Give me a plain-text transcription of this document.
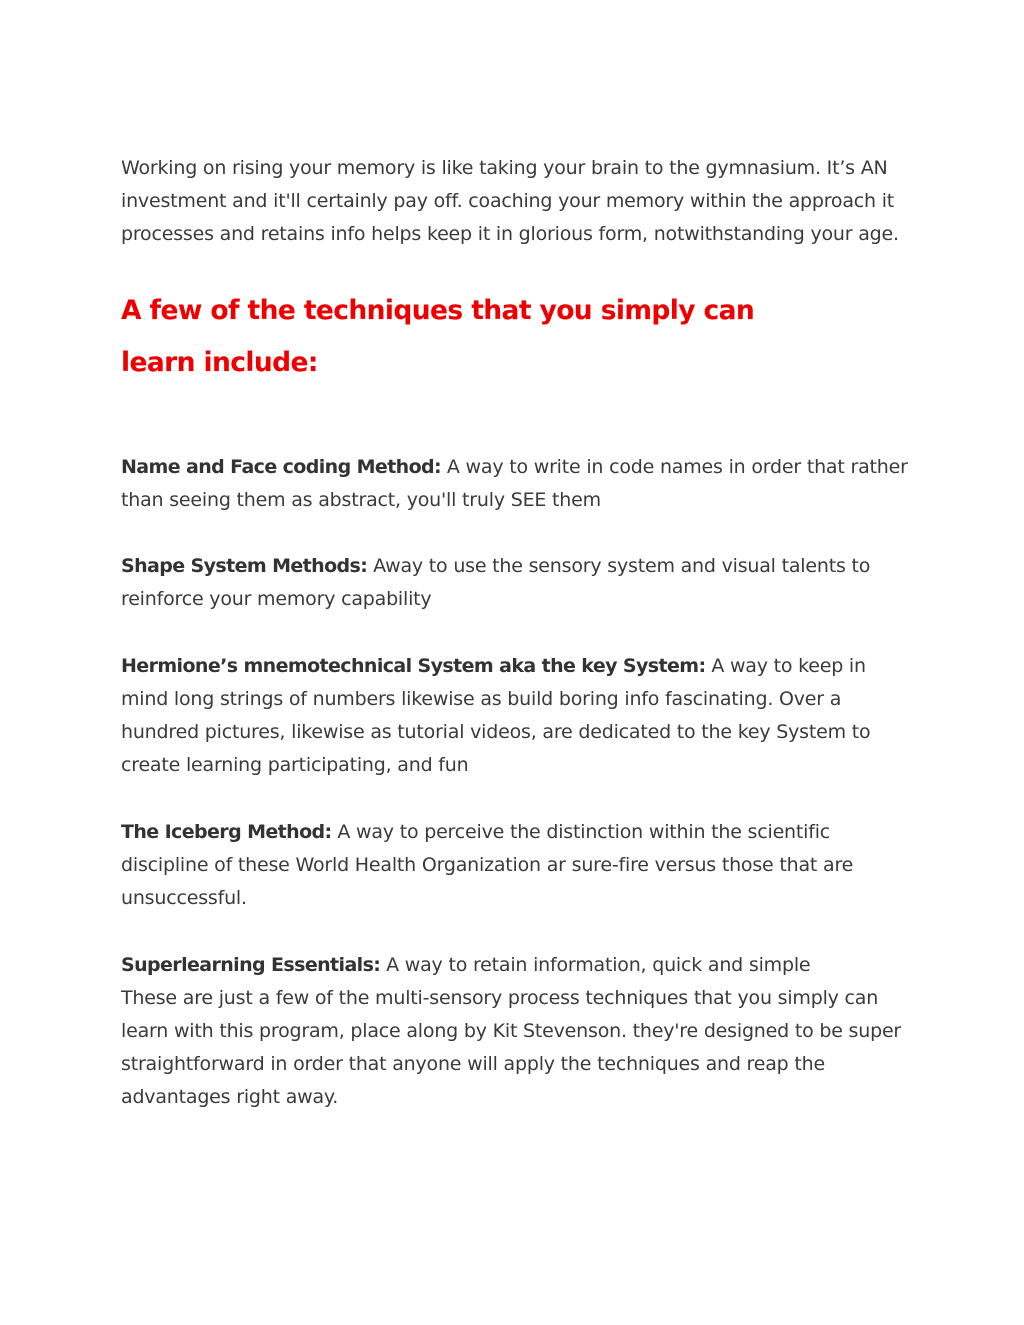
Working on rising your memory is like taking your brain to the gymnasium. It’s AN investment and it'll certainly pay off. coaching your memory within the approach it processes and retains info helps keep it in glorious form, notwithstanding your age.

A few of the techniques that you simply can learn include:

Name and Face coding Method: A way to write in code names in order that rather than seeing them as abstract, you'll truly SEE them

Shape System Methods: Away to use the sensory system and visual talents to reinforce your memory capability

Hermione’s mnemotechnical System aka the key System: A way to keep in mind long strings of numbers likewise as build boring info fascinating. Over a hundred pictures, likewise as tutorial videos, are dedicated to the key System to create learning participating, and fun

The Iceberg Method: A way to perceive the distinction within the scientific discipline of these World Health Organization ar sure-fire versus those that are unsuccessful.

Superlearning Essentials: A way to retain information, quick and simple

These are just a few of the multi-sensory process techniques that you simply can learn with this program, place along by Kit Stevenson. they're designed to be super straightforward in order that anyone will apply the techniques and reap the advantages right away.
